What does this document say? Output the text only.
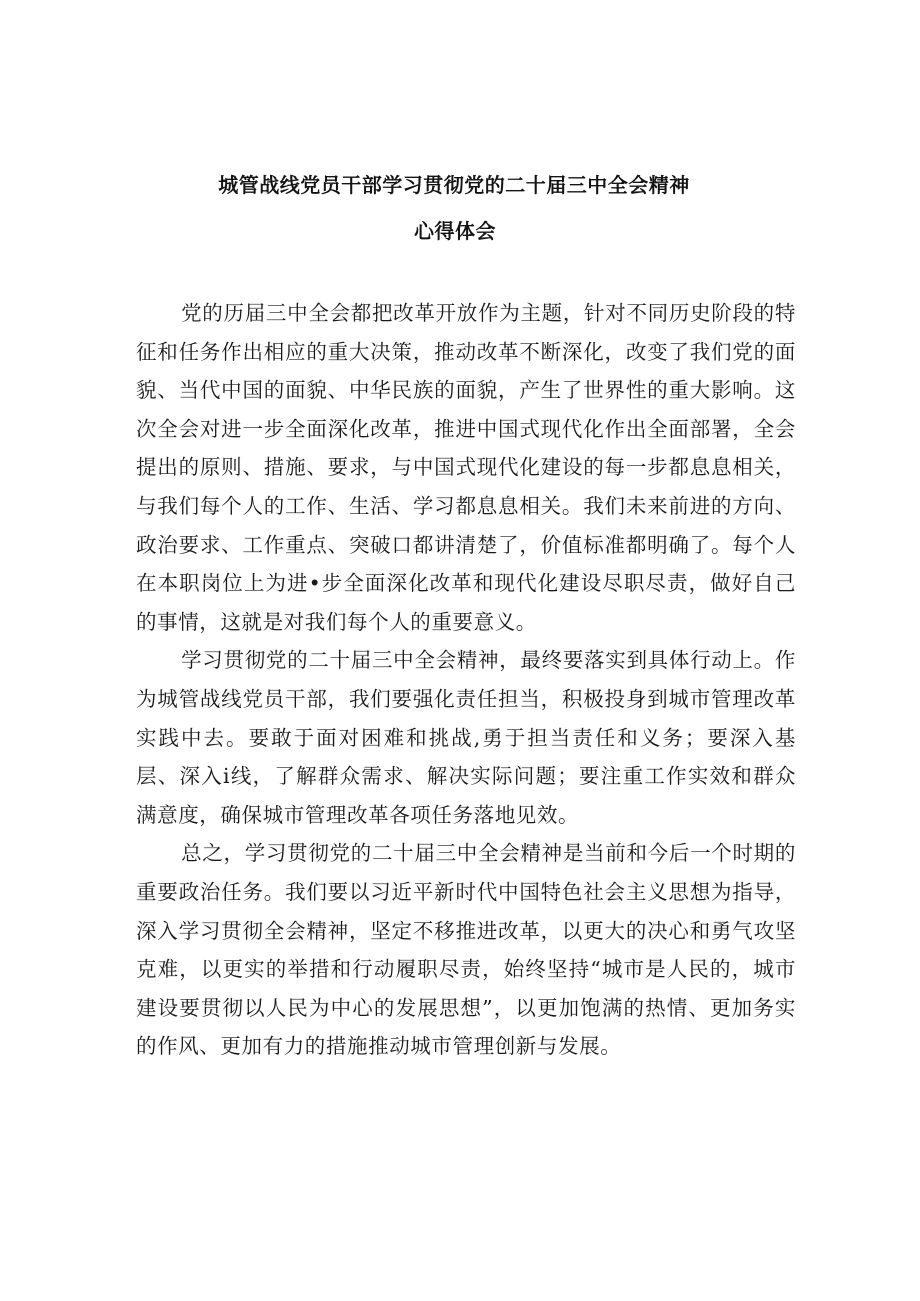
城管战线党员干部学习贯彻党的二十届三中全会精神
心得体会

党的历届三中全会都把改革开放作为主题，针对不同历史阶段的特征和任务作出相应的重大决策，推动改革不断深化，改变了我们党的面貌、当代中国的面貌、中华民族的面貌，产生了世界性的重大影响。这次全会对进一步全面深化改革，推进中国式现代化作出全面部署，全会提出的原则、措施、要求，与中国式现代化建设的每一步都息息相关，与我们每个人的工作、生活、学习都息息相关。我们未来前进的方向、政治要求、工作重点、突破口都讲清楚了，价值标准都明确了。每个人在本职岗位上为进•步全面深化改革和现代化建设尽职尽责，做好自己的事情，这就是对我们每个人的重要意义。

学习贯彻党的二十届三中全会精神，最终要落实到具体行动上。作为城管战线党员干部，我们要强化责任担当，积极投身到城市管理改革实践中去。要敢于面对困难和挑战,勇于担当责任和义务；要深入基层、深入i线，了解群众需求、解决实际问题；要注重工作实效和群众满意度，确保城市管理改革各项任务落地见效。

总之，学习贯彻党的二十届三中全会精神是当前和今后一个时期的重要政治任务。我们要以习近平新时代中国特色社会主义思想为指导，深入学习贯彻全会精神，坚定不移推进改革，以更大的决心和勇气攻坚克难，以更实的举措和行动履职尽责，始终坚持“城市是人民的，城市建设要贯彻以人民为中心的发展思想”，以更加饱满的热情、更加务实的作风、更加有力的措施推动城市管理创新与发展。
